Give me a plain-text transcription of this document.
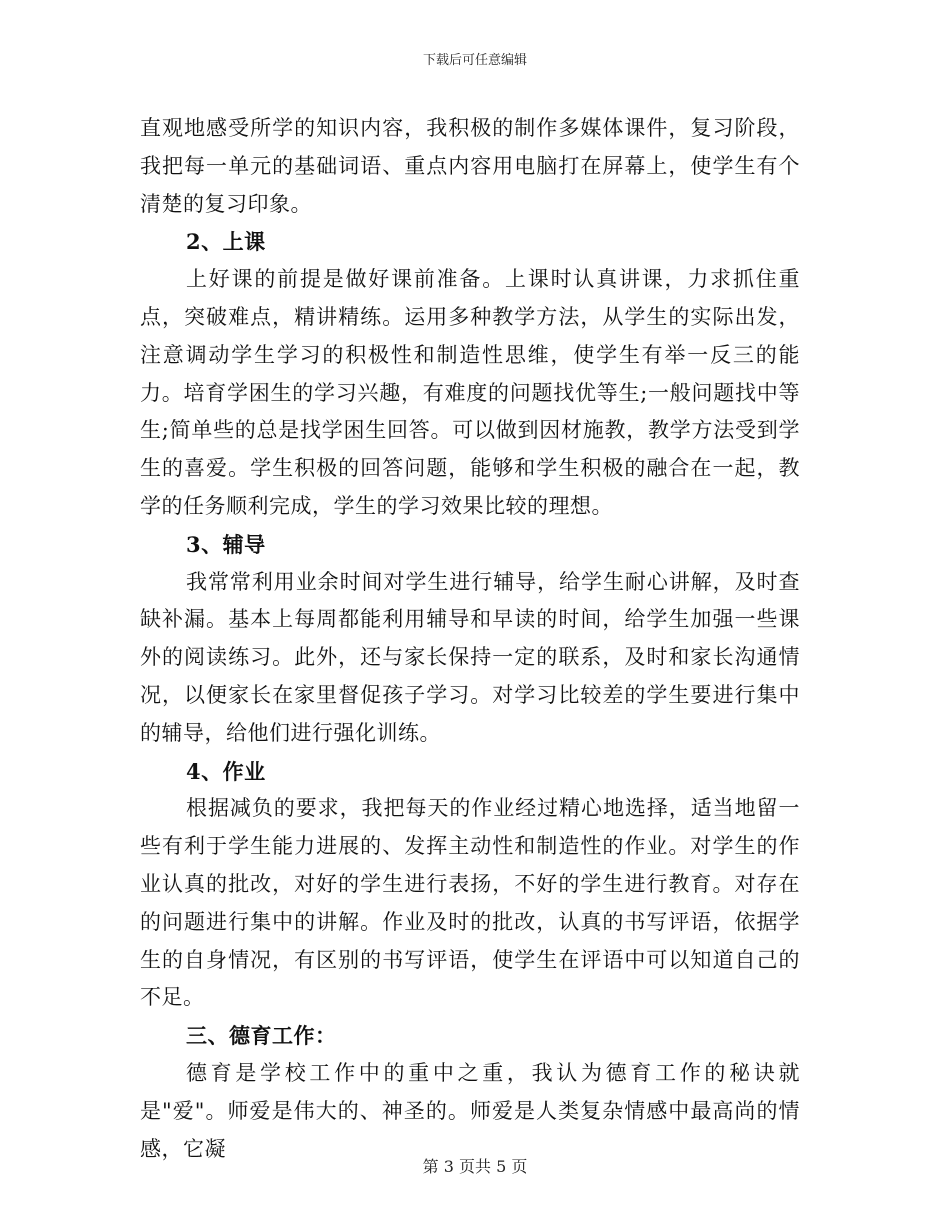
下载后可任意编辑

直观地感受所学的知识内容，我积极的制作多媒体课件，复习阶段，我把每一单元的基础词语、重点内容用电脑打在屏幕上，使学生有个清楚的复习印象。

2、上课

上好课的前提是做好课前准备。上课时认真讲课，力求抓住重点，突破难点，精讲精练。运用多种教学方法，从学生的实际出发，注意调动学生学习的积极性和制造性思维，使学生有举一反三的能力。培育学困生的学习兴趣，有难度的问题找优等生;一般问题找中等生;简单些的总是找学困生回答。可以做到因材施教，教学方法受到学生的喜爱。学生积极的回答问题，能够和学生积极的融合在一起，教学的任务顺利完成，学生的学习效果比较的理想。

3、辅导

我常常利用业余时间对学生进行辅导，给学生耐心讲解，及时查缺补漏。基本上每周都能利用辅导和早读的时间，给学生加强一些课外的阅读练习。此外，还与家长保持一定的联系，及时和家长沟通情况，以便家长在家里督促孩子学习。对学习比较差的学生要进行集中的辅导，给他们进行强化训练。

4、作业

根据减负的要求，我把每天的作业经过精心地选择，适当地留一些有利于学生能力进展的、发挥主动性和制造性的作业。对学生的作业认真的批改，对好的学生进行表扬，不好的学生进行教育。对存在的问题进行集中的讲解。作业及时的批改，认真的书写评语，依据学生的自身情况，有区别的书写评语，使学生在评语中可以知道自己的不足。

三、德育工作：

德育是学校工作中的重中之重，我认为德育工作的秘诀就是"爱"。师爱是伟大的、神圣的。师爱是人类复杂情感中最高尚的情感，它凝

第 3 页共 5 页
